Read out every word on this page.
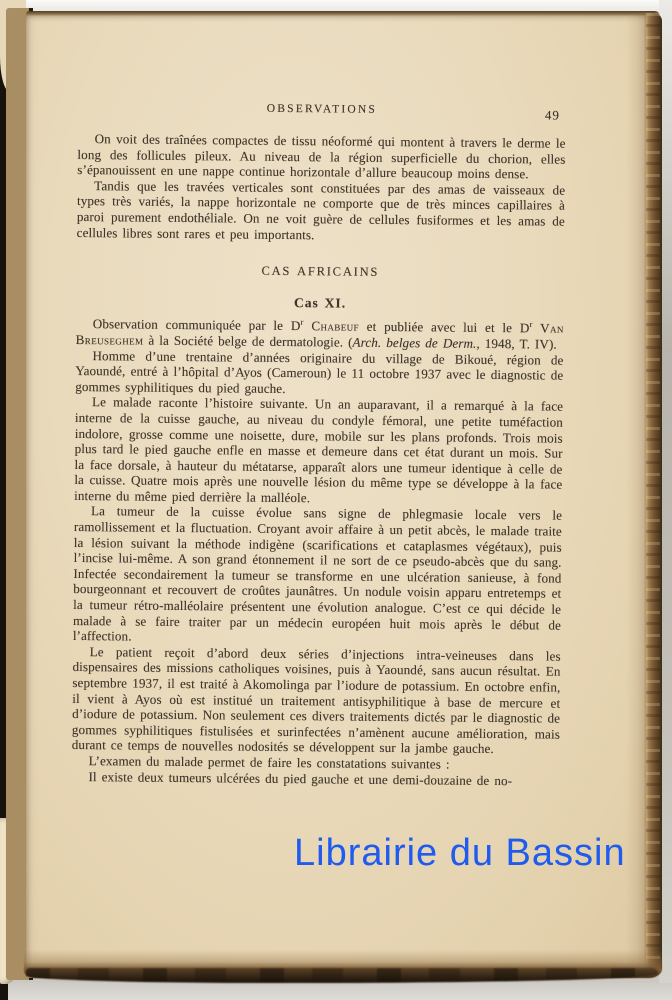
OBSERVATIONS	49

On voit des traînées compactes de tissu néoformé qui montent à travers le derme le long des follicules pileux. Au niveau de la région superficielle du chorion, elles s’épanouissent en une nappe continue horizontale d’allure beaucoup moins dense.

Tandis que les travées verticales sont constituées par des amas de vaisseaux de types très variés, la nappe horizontale ne comporte que de très minces capillaires à paroi purement endothéliale. On ne voit guère de cellules fusiformes et les amas de cellules libres sont rares et peu importants.

CAS AFRICAINS
Cas XI.

Observation communiquée par le $D^r$ Chabeuf et publiée avec lui et le $D^r$ Van Breuseghem à la Société belge de dermatologie. (Arch. belges de Derm., 1948, T. IV).

Homme d’une trentaine d’années originaire du village de Bikoué, région de Yaoundé, entré à l’hôpital d’Ayos (Cameroun) le 11 octobre 1937 avec le diagnostic de gommes syphilitiques du pied gauche.

Le malade raconte l’histoire suivante. Un an auparavant, il a remarqué à la face interne de la cuisse gauche, au niveau du condyle fémoral, une petite tuméfaction indolore, grosse comme une noisette, dure, mobile sur les plans profonds. Trois mois plus tard le pied gauche enfle en masse et demeure dans cet état durant un mois. Sur la face dorsale, à hauteur du métatarse, apparaît alors une tumeur identique à celle de la cuisse. Quatre mois après une nouvelle lésion du même type se développe à la face interne du même pied derrière la malléole.

La tumeur de la cuisse évolue sans signe de phlegmasie locale vers le ramollissement et la fluctuation. Croyant avoir affaire à un petit abcès, le malade traite la lésion suivant la méthode indigène (scarifications et cataplasmes végétaux), puis l’incise lui-même. A son grand étonnement il ne sort de ce pseudo-abcès que du sang. Infectée secondairement la tumeur se transforme en une ulcération sanieuse, à fond bourgeonnant et recouvert de croûtes jaunâtres. Un nodule voisin apparu entretemps et la tumeur rétro-malléolaire présentent une évolution analogue. C’est ce qui décide le malade à se faire traiter par un médecin européen huit mois après le début de l’affection.

Le patient reçoit d’abord deux séries d’injections intra-veineuses dans les dispensaires des missions catholiques voisines, puis à Yaoundé, sans aucun résultat. En septembre 1937, il est traité à Akomolinga par l’iodure de potassium. En octobre enfin, il vient à Ayos où est institué un traitement antisyphilitique à base de mercure et d’iodure de potassium. Non seulement ces divers traitements dictés par le diagnostic de gommes syphilitiques fistulisées et surinfectées n’amènent aucune amélioration, mais durant ce temps de nouvelles nodosités se développent sur la jambe gauche.

L’examen du malade permet de faire les constatations suivantes :

Il existe deux tumeurs ulcérées du pied gauche et une demi-douzaine de no-

Librairie du Bassin
